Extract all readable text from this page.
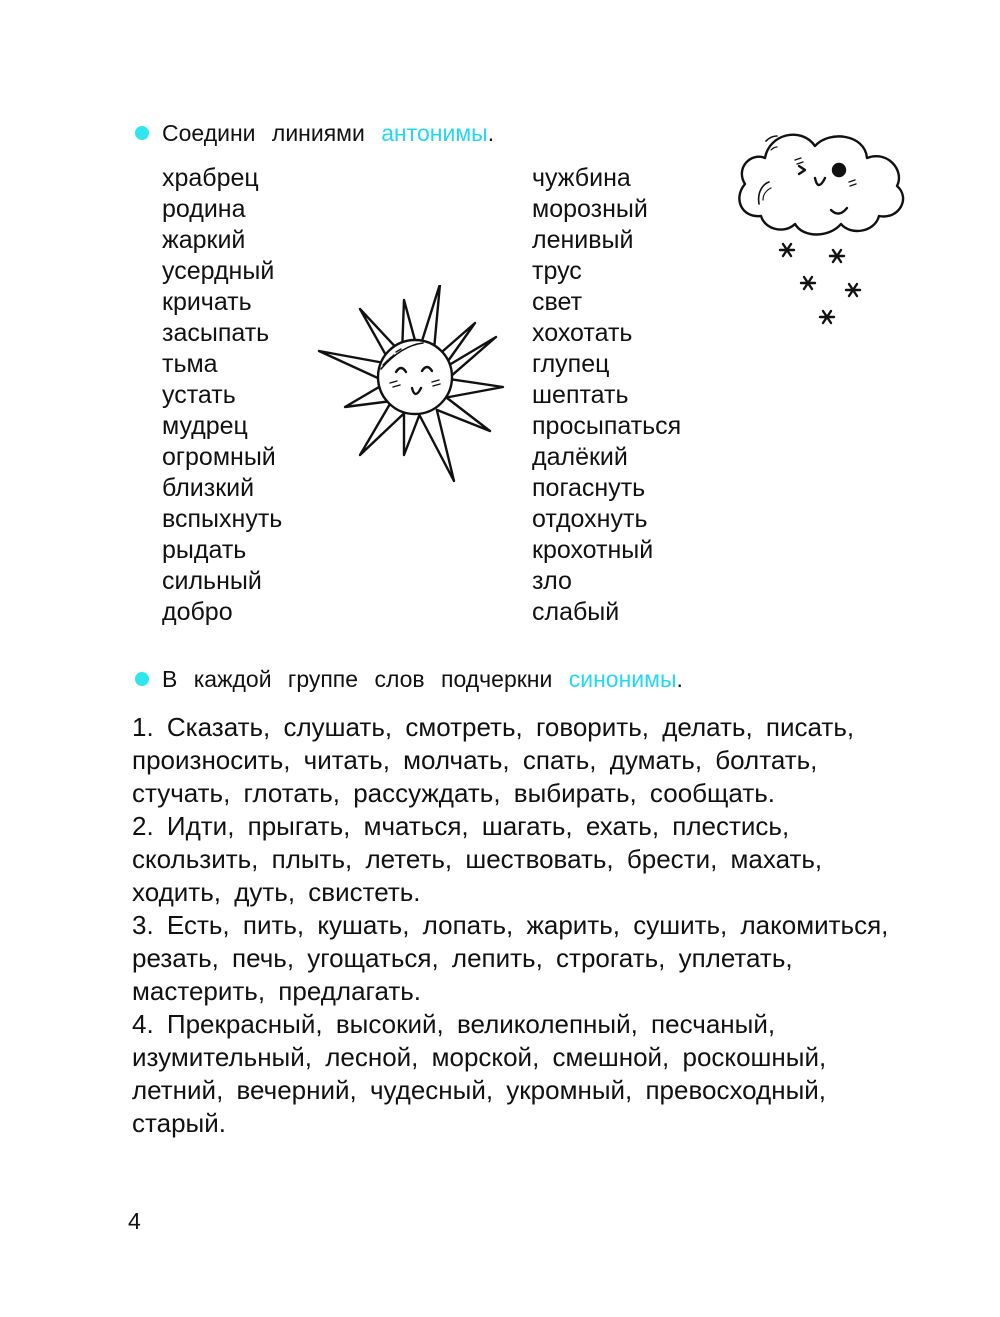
Соедини линиями антонимы.
храбрец
родина
жаркий
усердный
кричать
засыпать
тьма
устать
мудрец
огромный
близкий
вспыхнуть
рыдать
сильный
добро
чужбина
морозный
ленивый
трус
свет
хохотать
глупец
шептать
просыпаться
далёкий
погаснуть
отдохнуть
крохотный
зло
слабый
В каждой группе слов подчеркни синонимы.

1. Сказать, слушать, смотреть, говорить, делать, писать, произносить, читать, молчать, спать, думать, болтать, стучать, глотать, рассуждать, выбирать, сообщать.

2. Идти, прыгать, мчаться, шагать, ехать, плестись, скользить, плыть, лететь, шествовать, брести, махать, ходить, дуть, свистеть.

3. Есть, пить, кушать, лопать, жарить, сушить, лакомиться, резать, печь, угощаться, лепить, строгать, уплетать, мастерить, предлагать.

4. Прекрасный, высокий, великолепный, песчаный, изумительный, лесной, морской, смешной, роскошный, летний, вечерний, чудесный, укромный, превосходный, старый.

4
